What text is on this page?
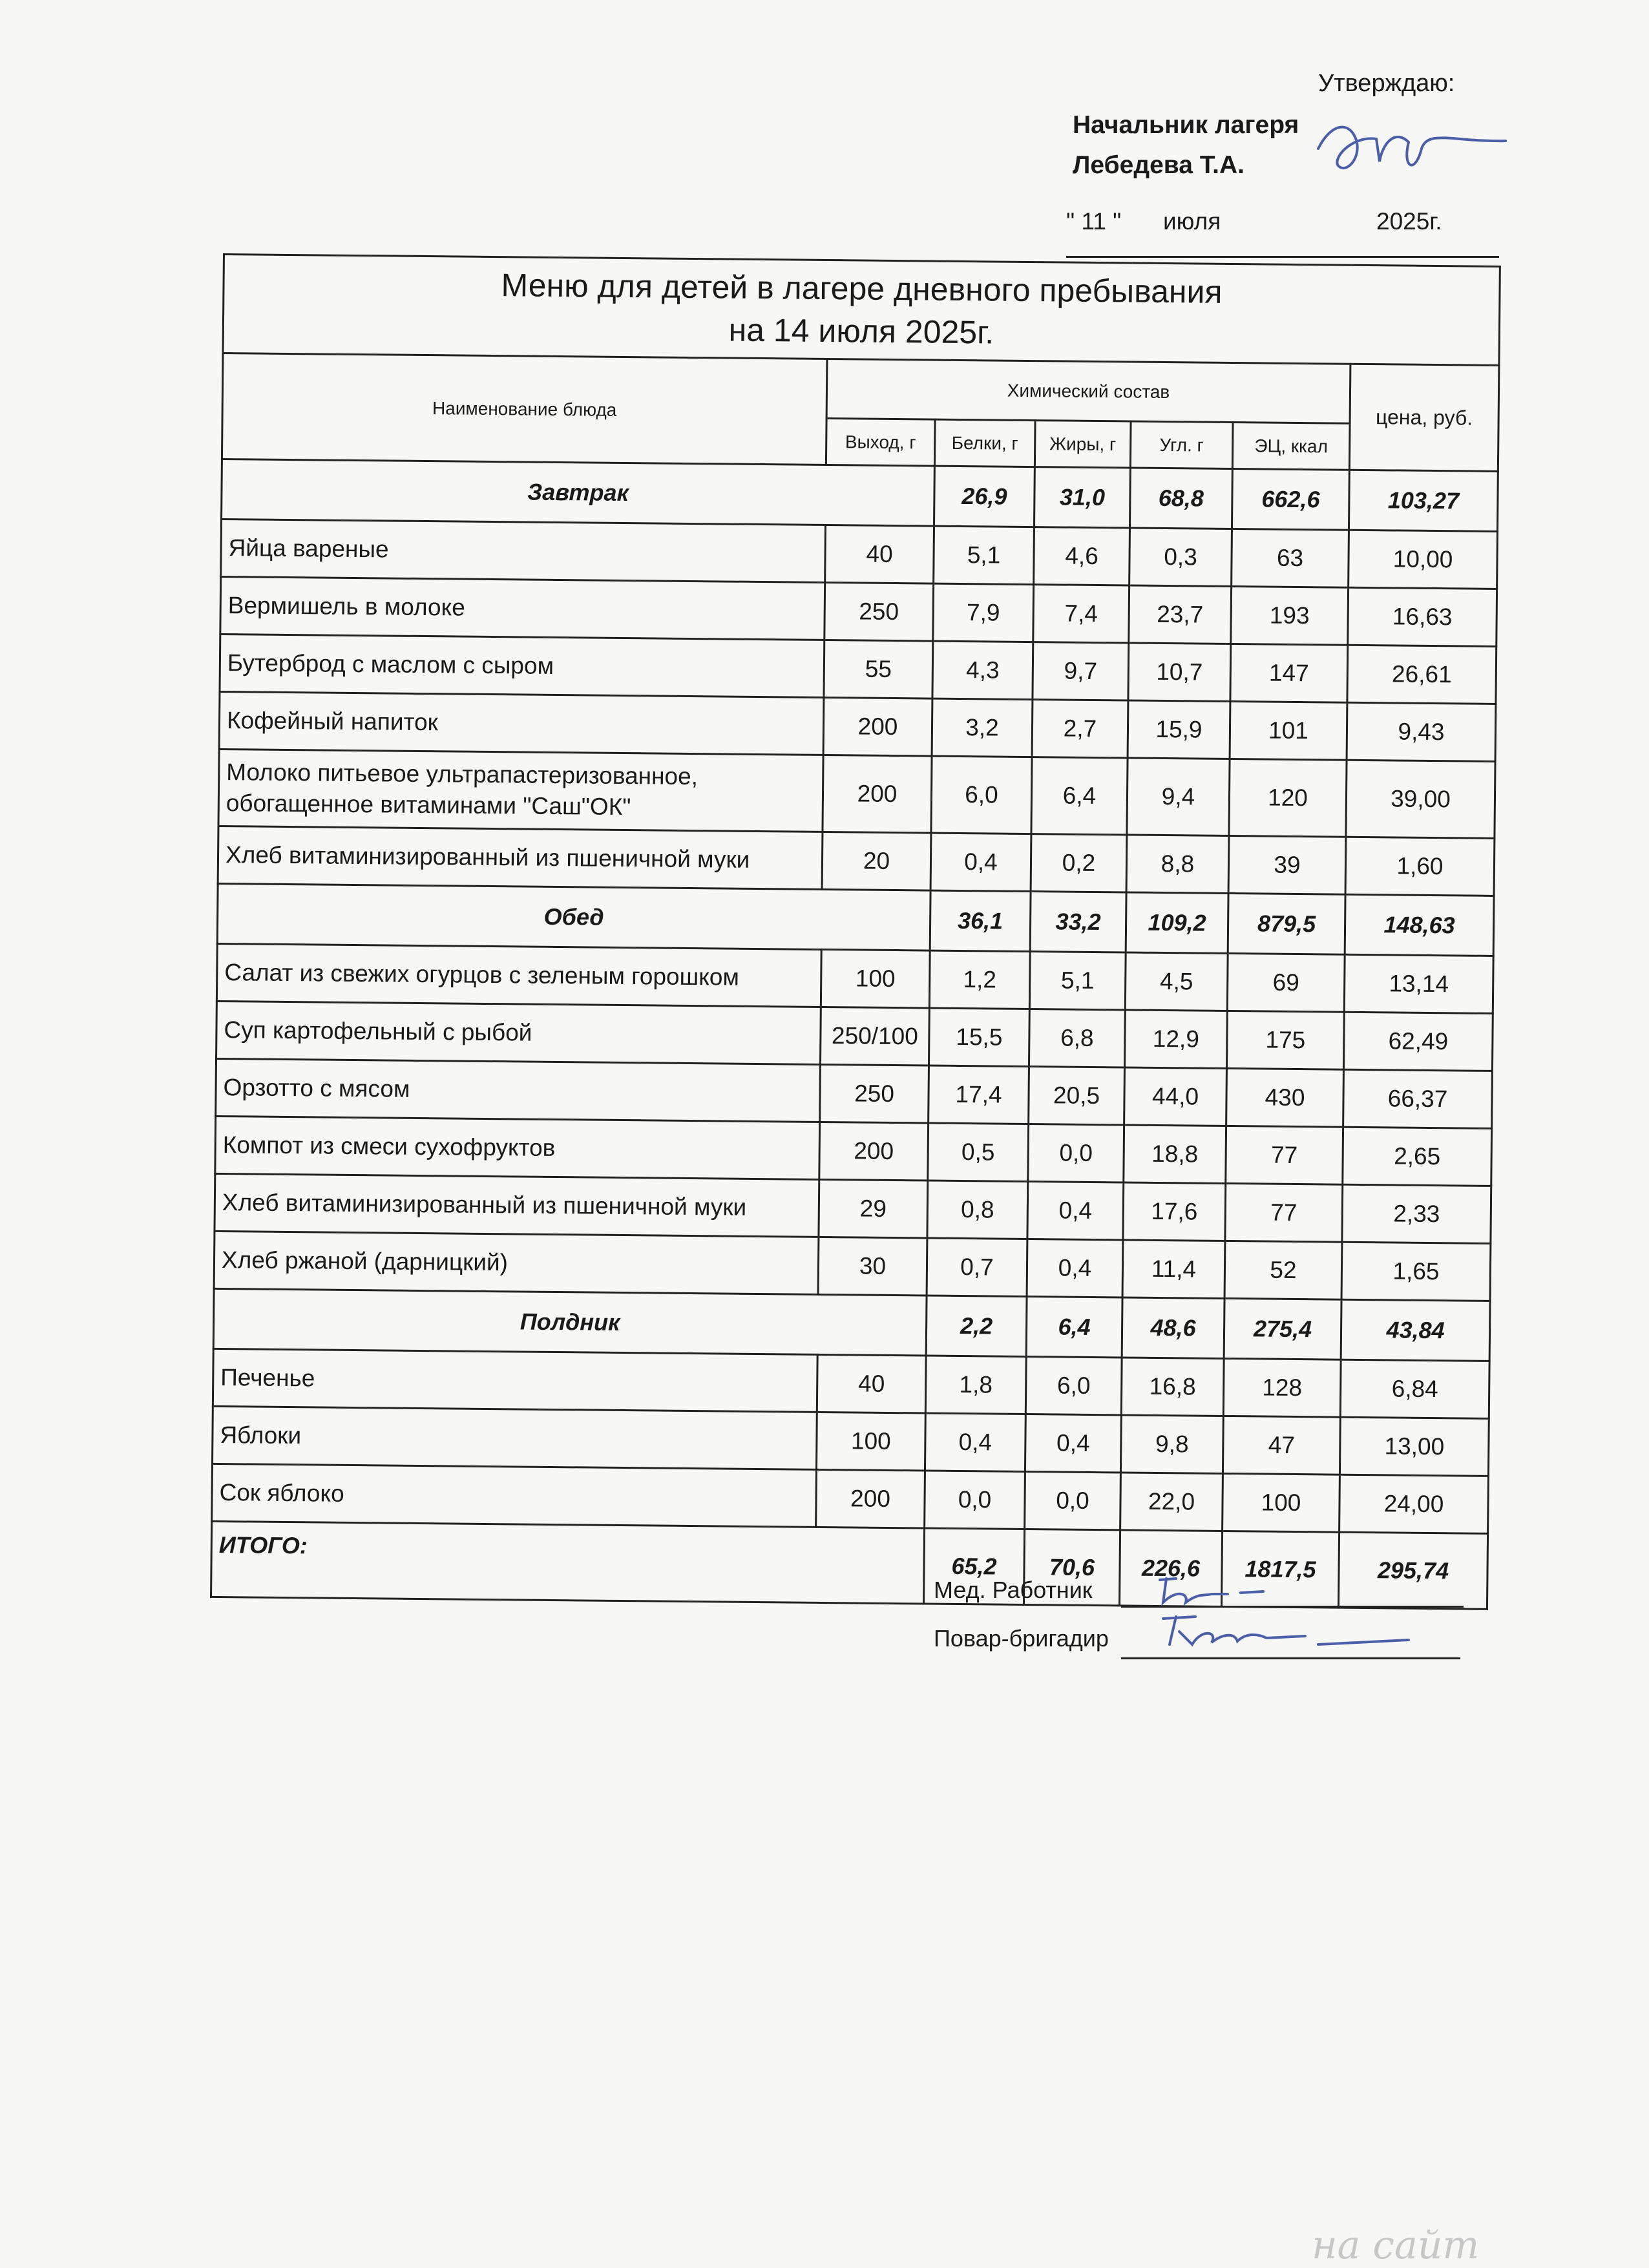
Утверждаю:
Начальник лагеря
Лебедева Т.А.
" 11 " июля	2025г.
Меню для детей в лагере дневного пребывания
на 14 июля 2025г.						

Наименование блюда	Химический состав					цена, руб.
	Выход, г	Белки, г	Жиры, г	Угл. г	ЭЦ, ккал	
Завтрак		26,9	31,0	68,8	662,6	103,27
Яйца вареные	40	5,1	4,6	0,3	63	10,00
Вермишель в молоке	250	7,9	7,4	23,7	193	16,63
Бутерброд с маслом с сыром	55	4,3	9,7	10,7	147	26,61
Кофейный напиток	200	3,2	2,7	15,9	101	9,43
Молоко питьевое ультрапастеризованное, обогащенное витаминами "Саш"ОК"	200	6,0	6,4	9,4	120	39,00
Хлеб витаминизированный из пшеничной муки	20	0,4	0,2	8,8	39	1,60
Обед		36,1	33,2	109,2	879,5	148,63
Салат из свежих огурцов с зеленым горошком	100	1,2	5,1	4,5	69	13,14
Суп картофельный с рыбой	250/100	15,5	6,8	12,9	175	62,49
Орзотто с мясом	250	17,4	20,5	44,0	430	66,37
Компот из смеси сухофруктов	200	0,5	0,0	18,8	77	2,65
Хлеб витаминизированный из пшеничной муки	29	0,8	0,4	17,6	77	2,33
Хлеб ржаной (дарницкий)	30	0,7	0,4	11,4	52	1,65
Полдник		2,2	6,4	48,6	275,4	43,84
Печенье	40	1,8	6,0	16,8	128	6,84
Яблоки	100	0,4	0,4	9,8	47	13,00
Сок яблоко	200	0,0	0,0	22,0	100	24,00
ИТОГО:		65,2	70,6	226,6	1817,5	295,74
Мед. Работник
Повар-бригадир
на сайт
